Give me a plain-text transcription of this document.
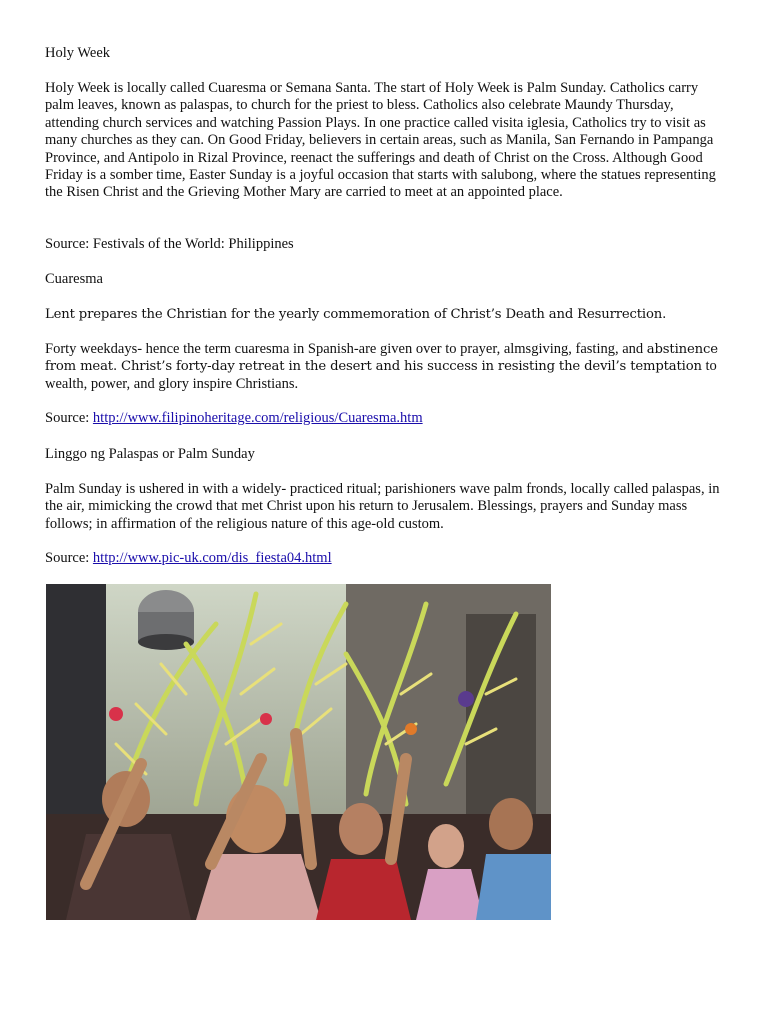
Holy Week

Holy Week is locally called Cuaresma or Semana Santa. The start of Holy Week is Palm Sunday. Catholics carry palm leaves, known as palaspas, to church for the priest to bless. Catholics also celebrate Maundy Thursday, attending church services and watching Passion Plays. In one practice called visita iglesia, Catholics try to visit as many churches as they can. On Good Friday, believers in certain areas, such as Manila, San Fernando in Pampanga Province, and Antipolo in Rizal Province, reenact the sufferings and death of Christ on the Cross. Although Good Friday is a somber time, Easter Sunday is a joyful occasion that starts with salubong, where the statues representing the Risen Christ and the Grieving Mother Mary are carried to meet at an appointed place.

Source: Festivals of the World: Philippines

Cuaresma

Lent prepares the Christian for the yearly commemoration of Christ’s Death and Resurrection.

Forty weekdays- hence the term cuaresma in Spanish-are given over to prayer, almsgiving, fasting, and abstinence from meat. Christ’s forty-day retreat in the desert and his success in resisting the devil’s temptation to wealth, power, and glory inspire Christians.

Source: http://www.filipinoheritage.com/religious/Cuaresma.htm

Linggo ng Palaspas or Palm Sunday

Palm Sunday is ushered in with a widely- practiced ritual; parishioners wave palm fronds, locally called palaspas, in the air, mimicking the crowd that met Christ upon his return to Jerusalem. Blessings, prayers and Sunday mass follows; in affirmation of the religious nature of this age-old custom.

Source: http://www.pic-uk.com/dis_fiesta04.html
